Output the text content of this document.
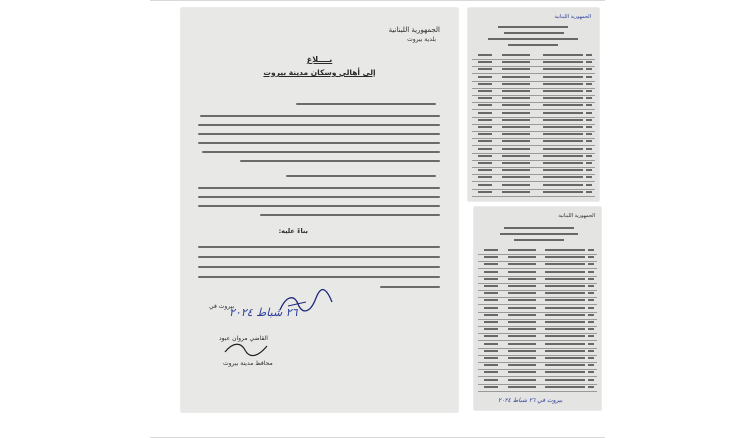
الجمهورية اللبنانية
بلدية بيروت
بــــلاغ
إلى أهالي وسكان مدينة بيروت
بناءً عليه:
بيروت في
٢٦ شباط ٢٠٢٤
القاضي مروان عبود
محافظ مدينة بيروت
الجمهورية اللبنانية
الجمهورية اللبنانية
بيروت في ٢٦ شباط ٢٠٢٤
